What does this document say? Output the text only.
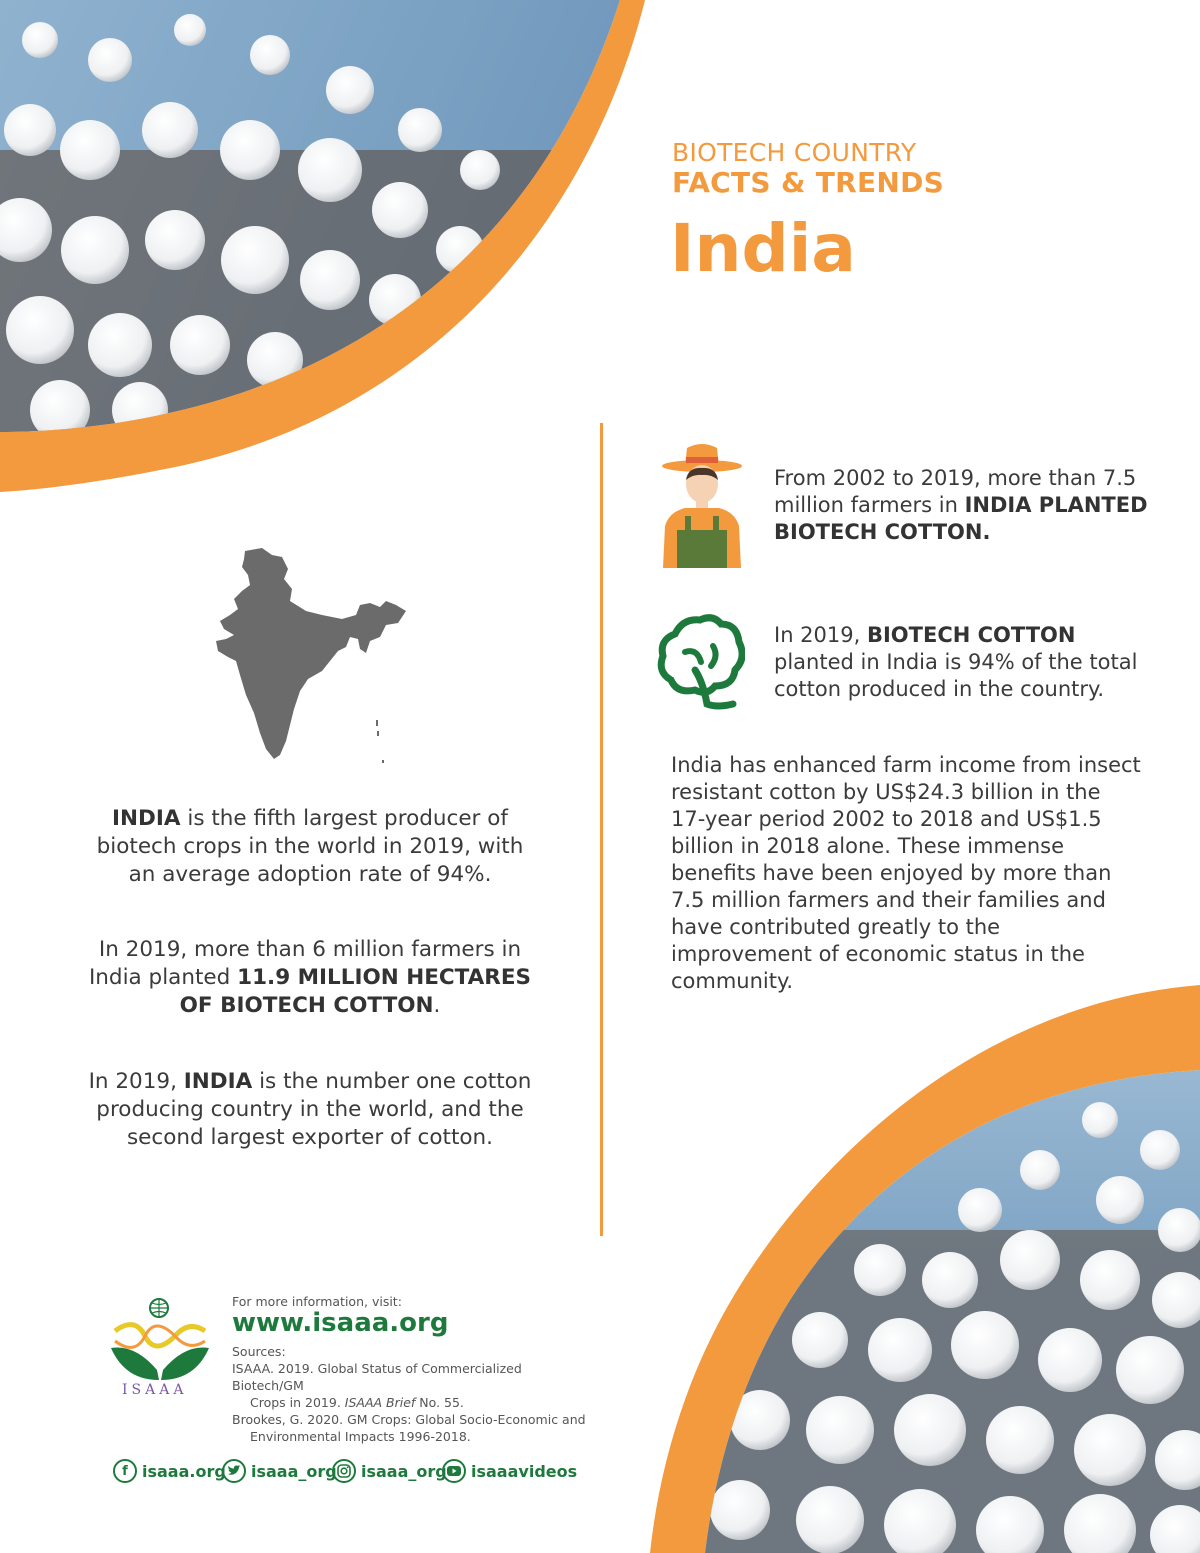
BIOTECH COUNTRY
FACTS & TRENDS
India
INDIA is the fifth largest producer of biotech crops in the world in 2019, with an average adoption rate of 94%.
In 2019, more than 6 million farmers in India planted 11.9 MILLION HECTARES OF BIOTECH COTTON.
In 2019, INDIA is the number one cotton producing country in the world, and the second largest exporter of cotton.
From 2002 to 2019, more than 7.5 million farmers in INDIA PLANTED BIOTECH COTTON.
In 2019, BIOTECH COTTON planted in India is 94% of the total cotton produced in the country.
India has enhanced farm income from insect resistant cotton by US$24.3 billion in the 17-year period 2002 to 2018 and US$1.5 billion in 2018 alone. These immense benefits have been enjoyed by more than 7.5 million farmers and their families and have contributed greatly to the improvement of economic status in the community.
ISAAA
For more information, visit:
www.isaaa.org
Sources:
ISAAA. 2019. Global Status of Commercialized Biotech/GM
Crops in 2019. ISAAA Brief No. 55.
Brookes, G. 2020. GM Crops: Global Socio-Economic and
Environmental Impacts 1996-2018.
f isaaa.org isaaa_org isaaa_org isaaavideos
